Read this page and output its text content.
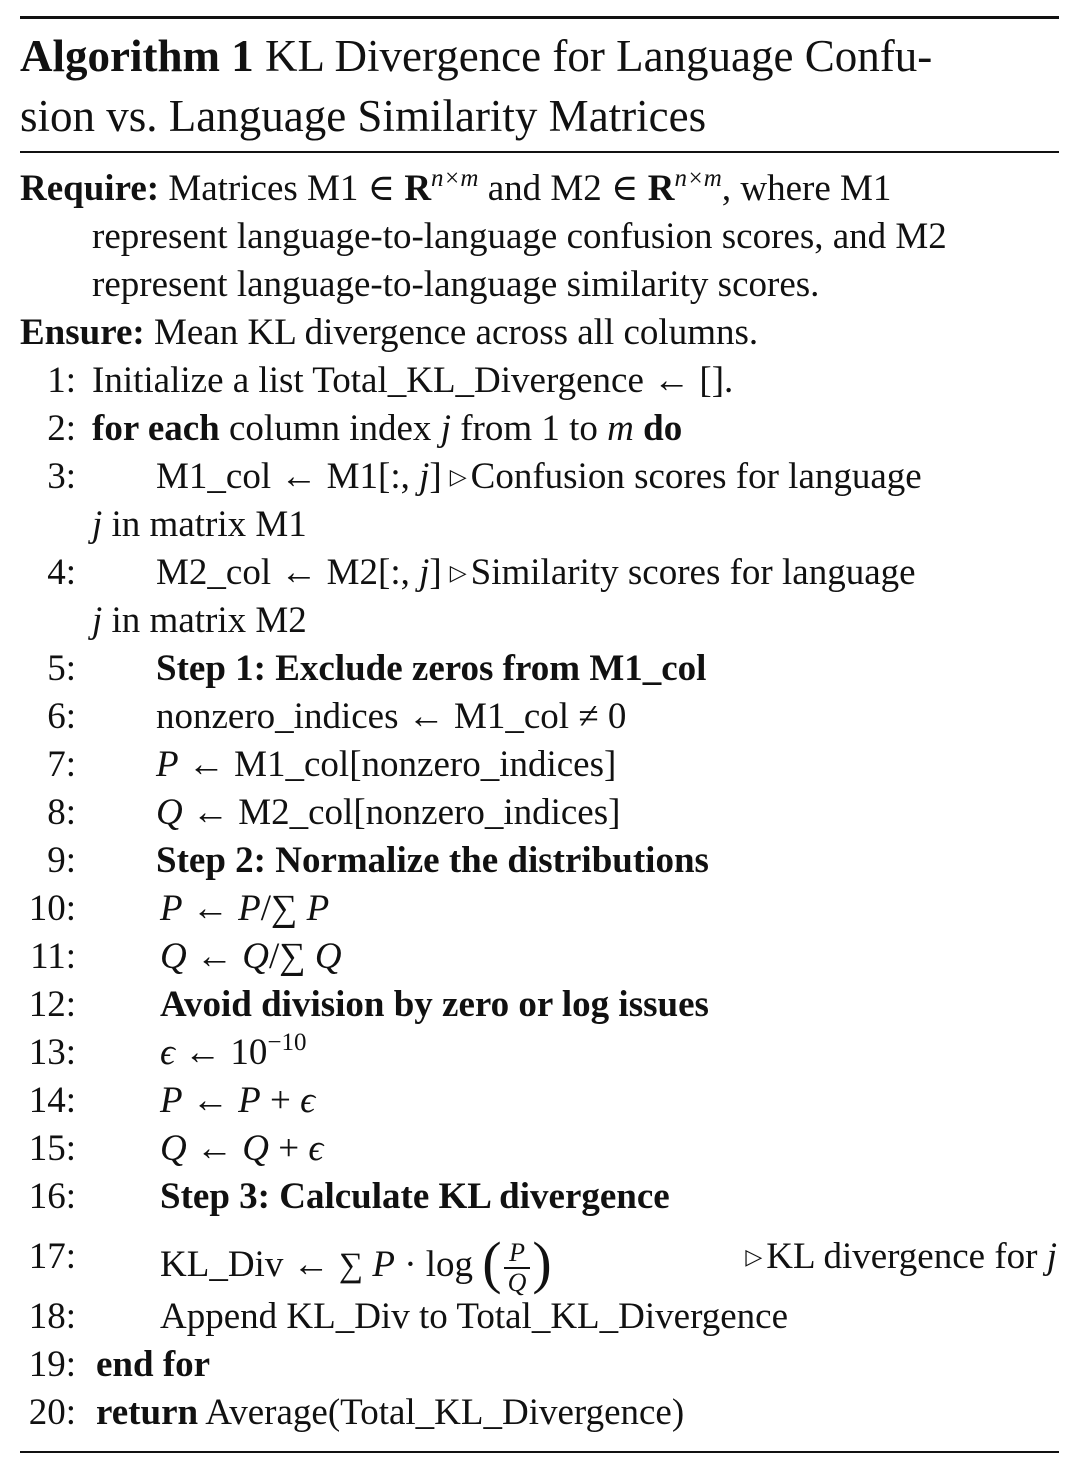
Algorithm 1 KL Divergence for Language Confu-
sion vs. Language Similarity Matrices
Require: Matrices M1 ∈ $R^{n\times m}$ and M2 ∈ $R^{n\times m}$, where M1
represent language-to-language confusion scores, and M2
represent language-to-language similarity scores.
Ensure: Mean KL divergence across all columns.
1: Initialize a list Total_KL_Divergence ← [].
2: for each column index j from 1 to m do
3: M1_col ← M1[:, j] ▷ Confusion scores for language
j in matrix M1
4: M2_col ← M2[:, j] ▷ Similarity scores for language
j in matrix M2
5: Step 1: Exclude zeros from M1_col
6: nonzero_indices ← M1_col ≠ 0
7: P ← M1_col[nonzero_indices]
8: Q ← M2_col[nonzero_indices]
9: Step 2: Normalize the distributions
10: P ← P/∑ P
11: Q ← Q/∑ Q
12: Avoid division by zero or log issues
13: ϵ ← $10^{-10}$
14: P ← P + ϵ
15: Q ← Q + ϵ
16: Step 3: Calculate KL divergence
17: KL_Div ← ∑ P · log ( $\frac{P}{Q}$ )	▷ KL divergence for j
18: Append KL_Div to Total_KL_Divergence
19: end for
20: return Average(Total_KL_Divergence)
